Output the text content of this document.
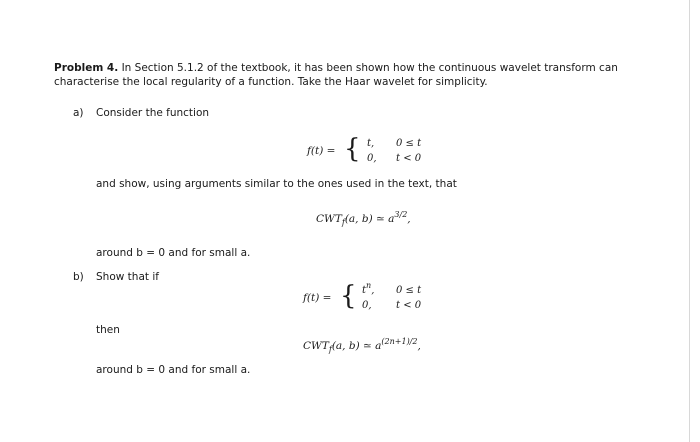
Problem 4. In Section 5.1.2 of the textbook, it has been shown how the continuous wavelet transform can
characterise the local regularity of a function. Take the Haar wavelet for simplicity.
a) Consider the function
f(t) = { t, 0 ≤ t
0, t < 0
and show, using arguments similar to the ones used in the text, that
$CWT_f(a$, b) ≃ $a^{3/2}$,
around b = 0 and for small a.
b) Show that if
f(t) = { $t^n$, 0 ≤ t
0, t < 0
then
$CWT_f(a$, b) ≃ $a^{(2n+1)/2}$,
around b = 0 and for small a.
